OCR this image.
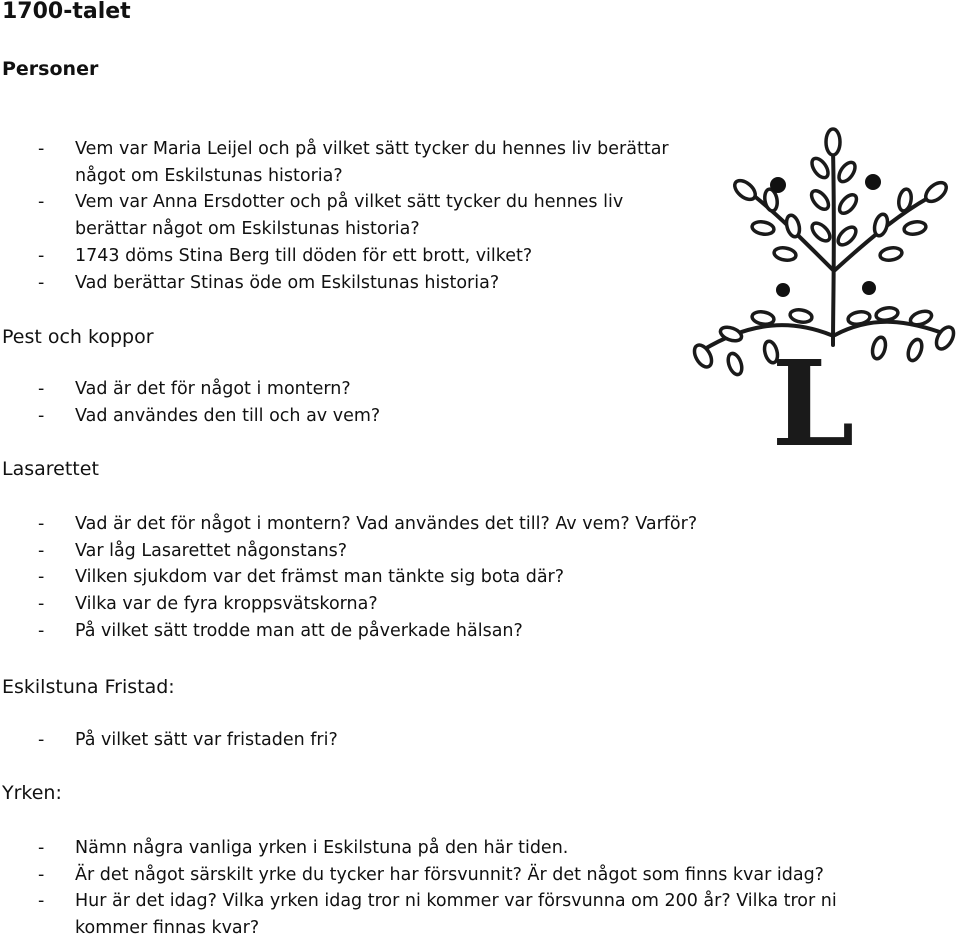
1700-talet
Personer
- Vem var Maria Leijel och på vilket sätt tycker du hennes liv berättar något om Eskilstunas historia?
- Vem var Anna Ersdotter och på vilket sätt tycker du hennes liv berättar något om Eskilstunas historia?
- 1743 döms Stina Berg till döden för ett brott, vilket?
- Vad berättar Stinas öde om Eskilstunas historia?
Pest och koppor
- Vad är det för något i montern?
- Vad användes den till och av vem?
Lasarettet
- Vad är det för något i montern? Vad användes det till? Av vem? Varför?
- Var låg Lasarettet någonstans?
- Vilken sjukdom var det främst man tänkte sig bota där?
- Vilka var de fyra kroppsvätskorna?
- På vilket sätt trodde man att de påverkade hälsan?
Eskilstuna Fristad:
- På vilket sätt var fristaden fri?
Yrken:
- Nämn några vanliga yrken i Eskilstuna på den här tiden.
- Är det något särskilt yrke du tycker har försvunnit? Är det något som finns kvar idag?
- Hur är det idag? Vilka yrken idag tror ni kommer var försvunna om 200 år? Vilka tror ni kommer finnas kvar?
L
